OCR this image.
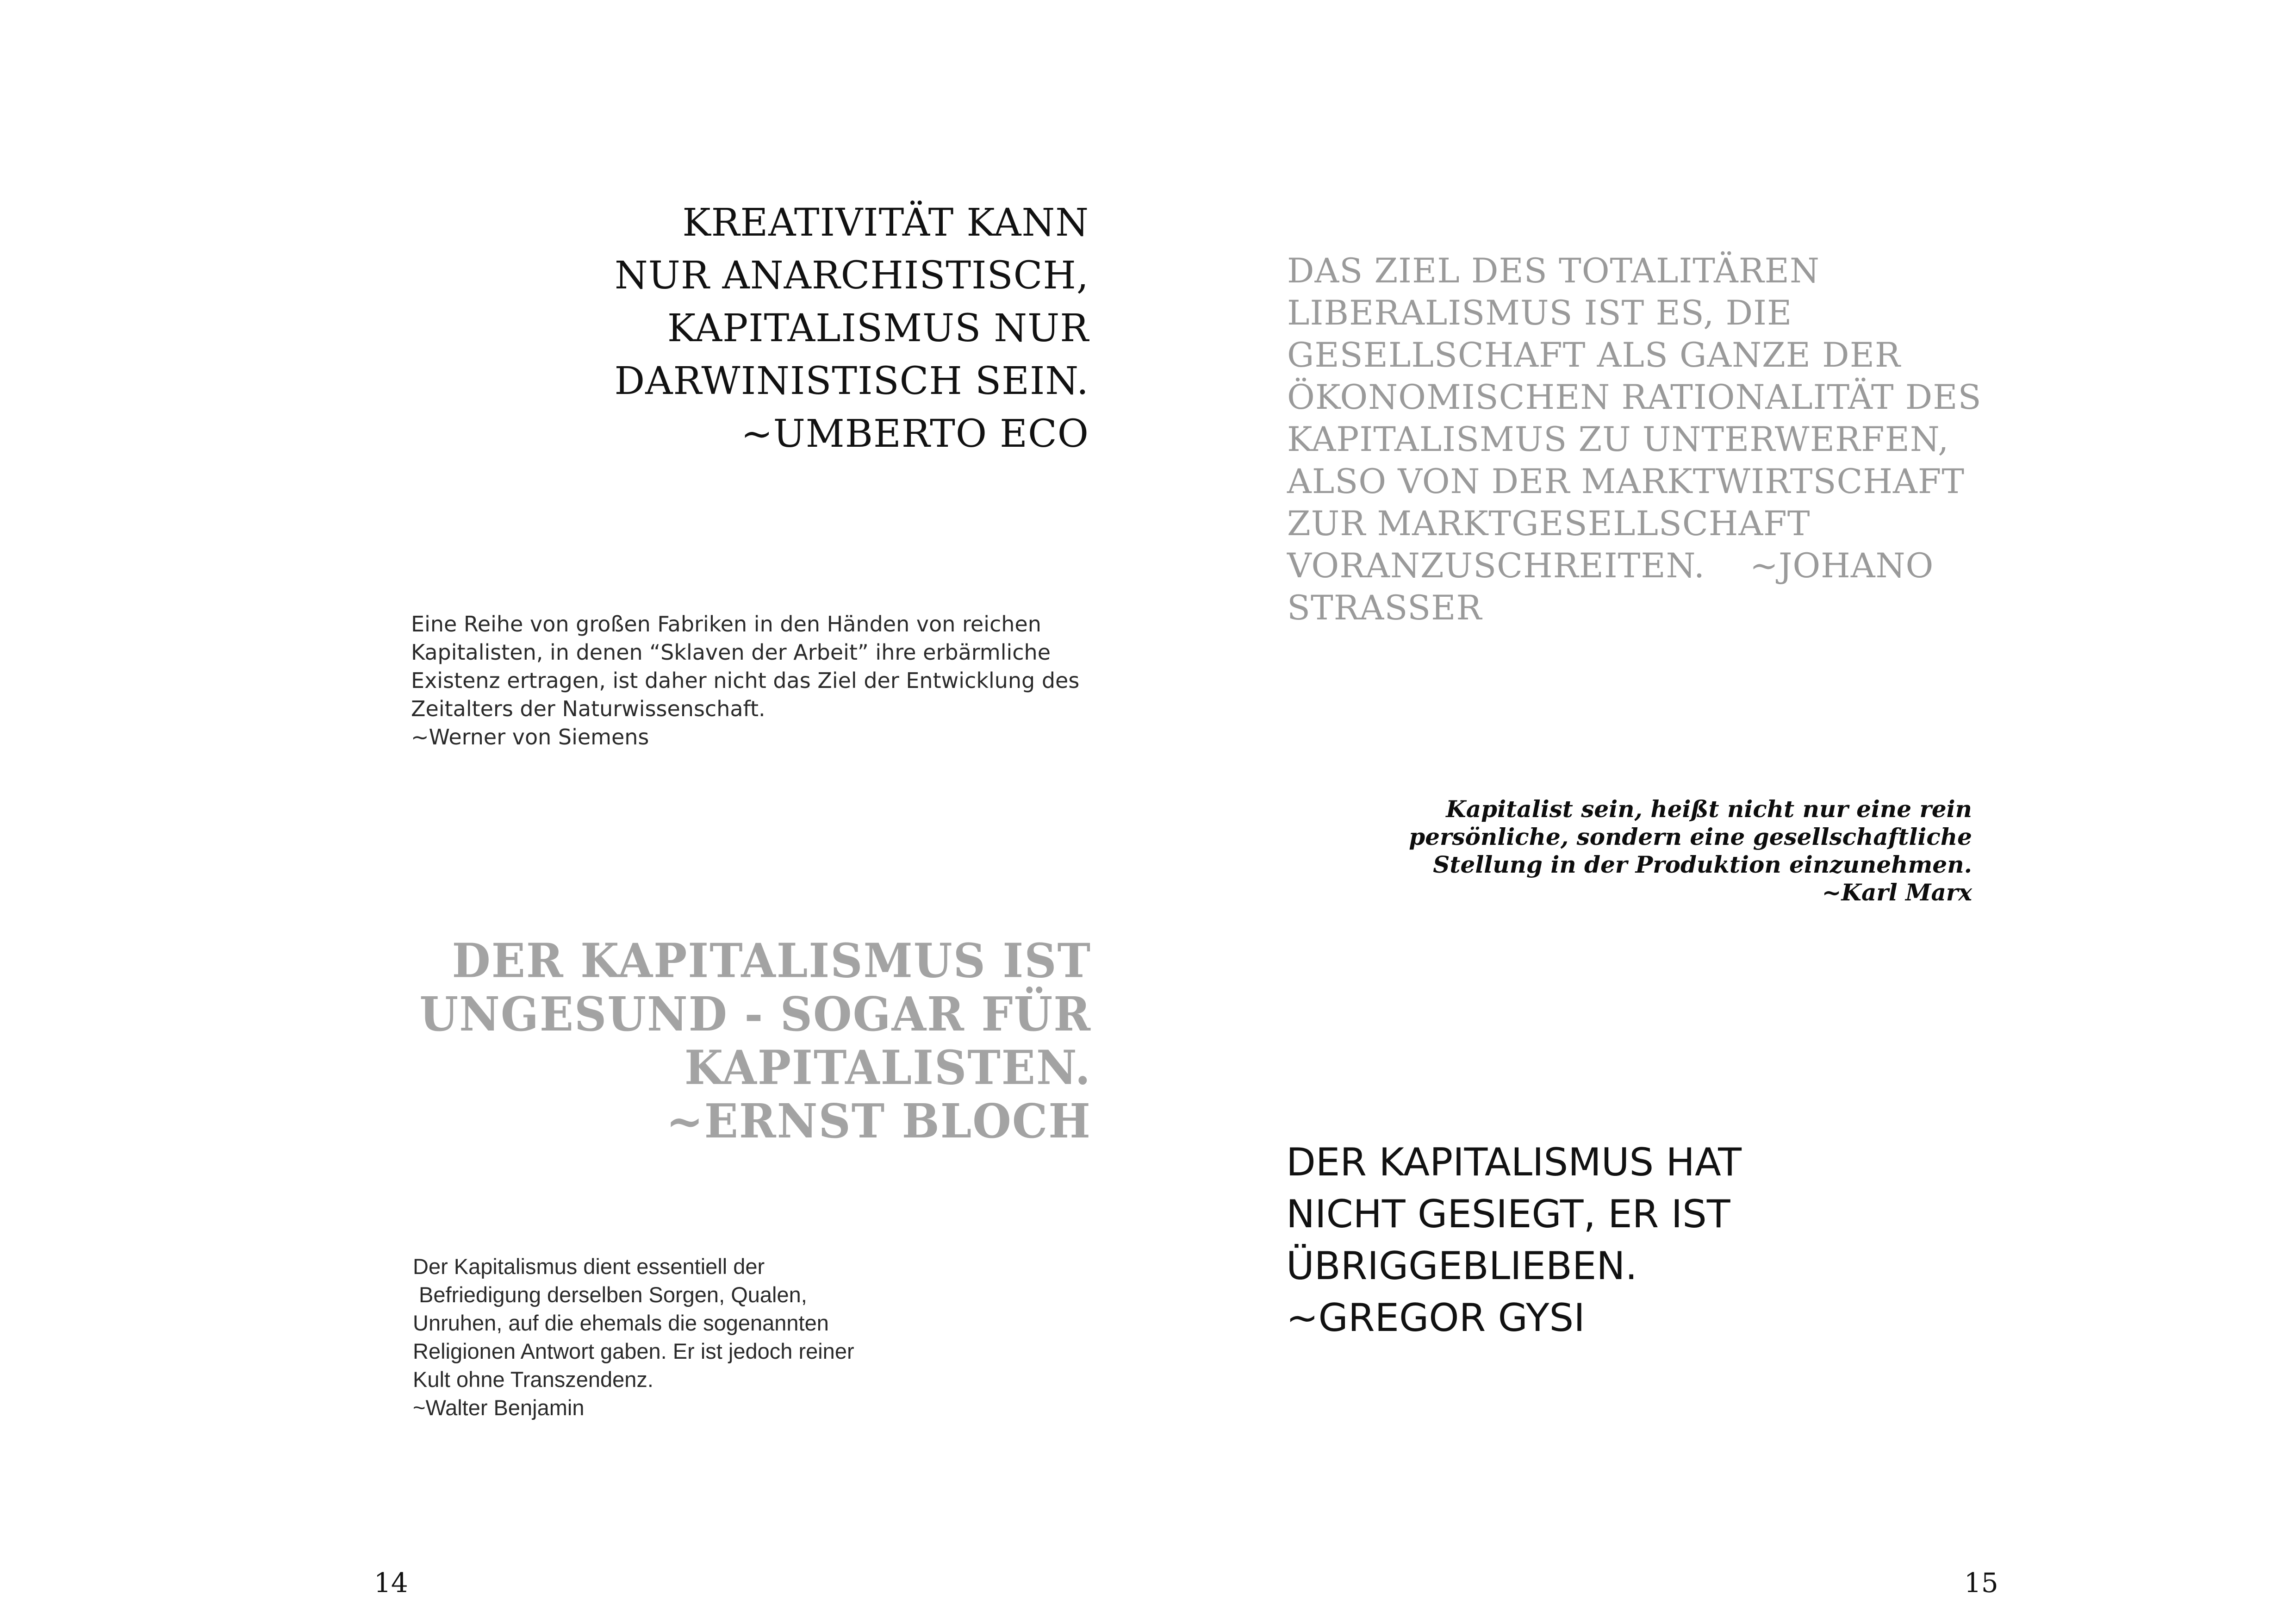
KREATIVITÄT KANN
NUR ANARCHISTISCH,
KAPITALISMUS NUR
DARWINISTISCH SEIN.
~UMBERTO ECO
Eine Reihe von großen Fabriken in den Händen von reichen
Kapitalisten, in denen “Sklaven der Arbeit” ihre erbärmliche
Existenz ertragen, ist daher nicht das Ziel der Entwicklung des
Zeitalters der Naturwissenschaft.
~Werner von Siemens
DER KAPITALISMUS IST
UNGESUND - SOGAR FÜR
KAPITALISTEN.
~ERNST BLOCH
Der Kapitalismus dient essentiell der
Befriedigung derselben Sorgen, Qualen,
Unruhen, auf die ehemals die sogenannten
Religionen Antwort gaben. Er ist jedoch reiner
Kult ohne Transzendenz.
~Walter Benjamin
14
DAS ZIEL DES TOTALITÄREN
LIBERALISMUS IST ES, DIE
GESELLSCHAFT ALS GANZE DER
ÖKONOMISCHEN RATIONALITÄT DES
KAPITALISMUS ZU UNTERWERFEN,
ALSO VON DER MARKTWIRTSCHAFT
ZUR MARKTGESELLSCHAFT
VORANZUSCHREITEN.    ~JOHANO
STRASSER
Kapitalist sein, heißt nicht nur eine rein
persönliche, sondern eine gesellschaftliche
Stellung in der Produktion einzunehmen.
~Karl Marx
DER KAPITALISMUS HAT
NICHT GESIEGT, ER IST
ÜBRIGGEBLIEBEN.
~GREGOR GYSI
15
